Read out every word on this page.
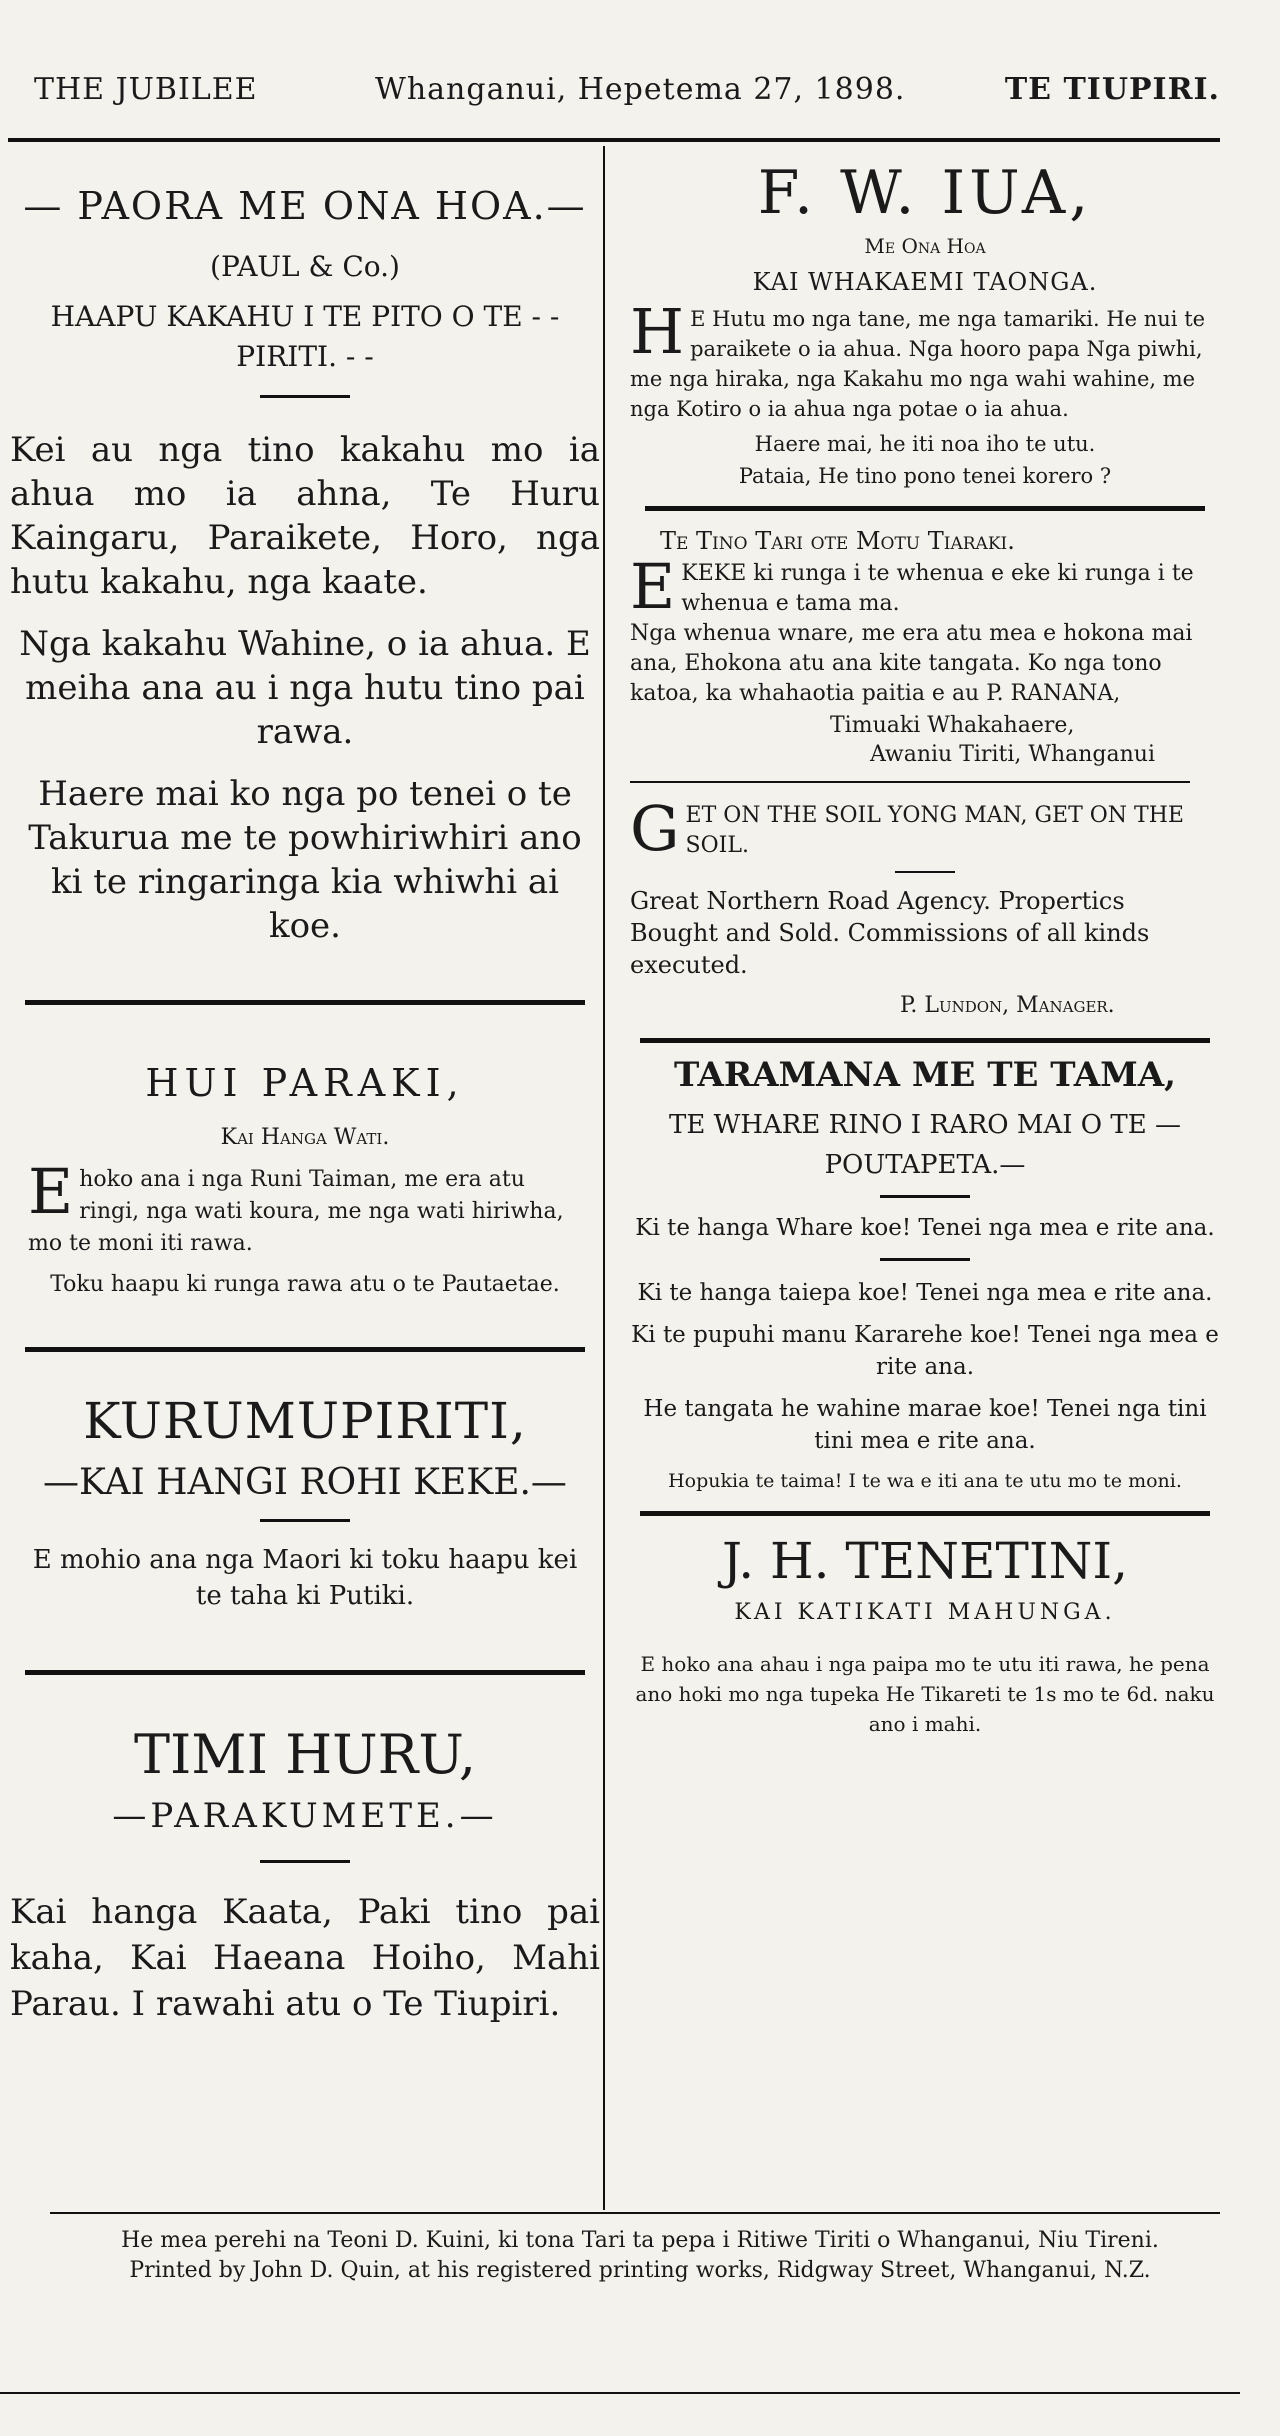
THE JUBILEE	Whanganui, Hepetema 27, 1898.	TE TIUPIRI.
— PAORA ME ONA HOA.—
(PAUL & Co.)
HAAPU KAKAHU I TE PITO O TE - - PIRITI. - -
Kei au nga tino kakahu mo ia ahua mo ia ahna, Te Huru Kaingaru, Paraikete, Horo, nga hutu kakahu, nga kaate.
Nga kakahu Wahine, o ia ahua. E meiha ana au i nga hutu tino pai rawa.
Haere mai ko nga po tenei o te Takurua me te powhiriwhiri ano ki te ringaringa kia whiwhi ai koe.
HUI PARAKI,
Kai Hanga Wati.
E hoko ana i nga Runi Taiman, me era atu ringi, nga wati koura, me nga wati hiriwha, mo te moni iti rawa.
Toku haapu ki runga rawa atu o te Pautaetae.
KURUMUPIRITI,
—KAI HANGI ROHI KEKE.—
E mohio ana nga Maori ki toku haapu kei te taha ki Putiki.
TIMI HURU,
—PARAKUMETE.—
Kai hanga Kaata, Paki tino pai kaha, Kai Haeana Hoiho, Mahi Parau. I rawahi atu o Te Tiupiri.
F. W. IUA,
Me Ona Hoa
KAI WHAKAEMI TAONGA.
H E Hutu mo nga tane, me nga tamariki. He nui te paraikete o ia ahua. Nga hooro papa Nga piwhi, me nga hiraka, nga Kakahu mo nga wahi wahine, me nga Kotiro o ia ahua nga potae o ia ahua.
Haere mai, he iti noa iho te utu.
Pataia, He tino pono tenei korero ?
Te Tino Tari ote Motu Tiaraki.
E KEKE ki runga i te whenua e eke ki runga i te whenua e tama ma.
Nga whenua wnare, me era atu mea e hokona mai ana, Ehokona atu ana kite tangata. Ko nga tono katoa, ka whahaotia paitia e au P. RANANA,
Timuaki Whakahaere,
Awaniu Tiriti, Whanganui
G ET ON THE SOIL YONG MAN, GET ON THE SOIL.
Great Northern Road Agency. Propertics Bought and Sold. Commissions of all kinds executed.
P. Lundon, Manager.
TARAMANA ME TE TAMA,
TE WHARE RINO I RARO MAI O TE — POUTAPETA.—
Ki te hanga Whare koe! Tenei nga mea e rite ana.
Ki te hanga taiepa koe! Tenei nga mea e rite ana.
Ki te pupuhi manu Kararehe koe! Tenei nga mea e rite ana.
He tangata he wahine marae koe! Tenei nga tini tini mea e rite ana.
Hopukia te taima! I te wa e iti ana te utu mo te moni.
J. H. TENETINI,
KAI KATIKATI MAHUNGA.
E hoko ana ahau i nga paipa mo te utu iti rawa, he pena ano hoki mo nga tupeka He Tikareti te 1s mo te 6d. naku ano i mahi.
He mea perehi na Teoni D. Kuini, ki tona Tari ta pepa i Ritiwe Tiriti o Whanganui, Niu Tireni.
Printed by John D. Quin, at his registered printing works, Ridgway Street, Whanganui, N.Z.
